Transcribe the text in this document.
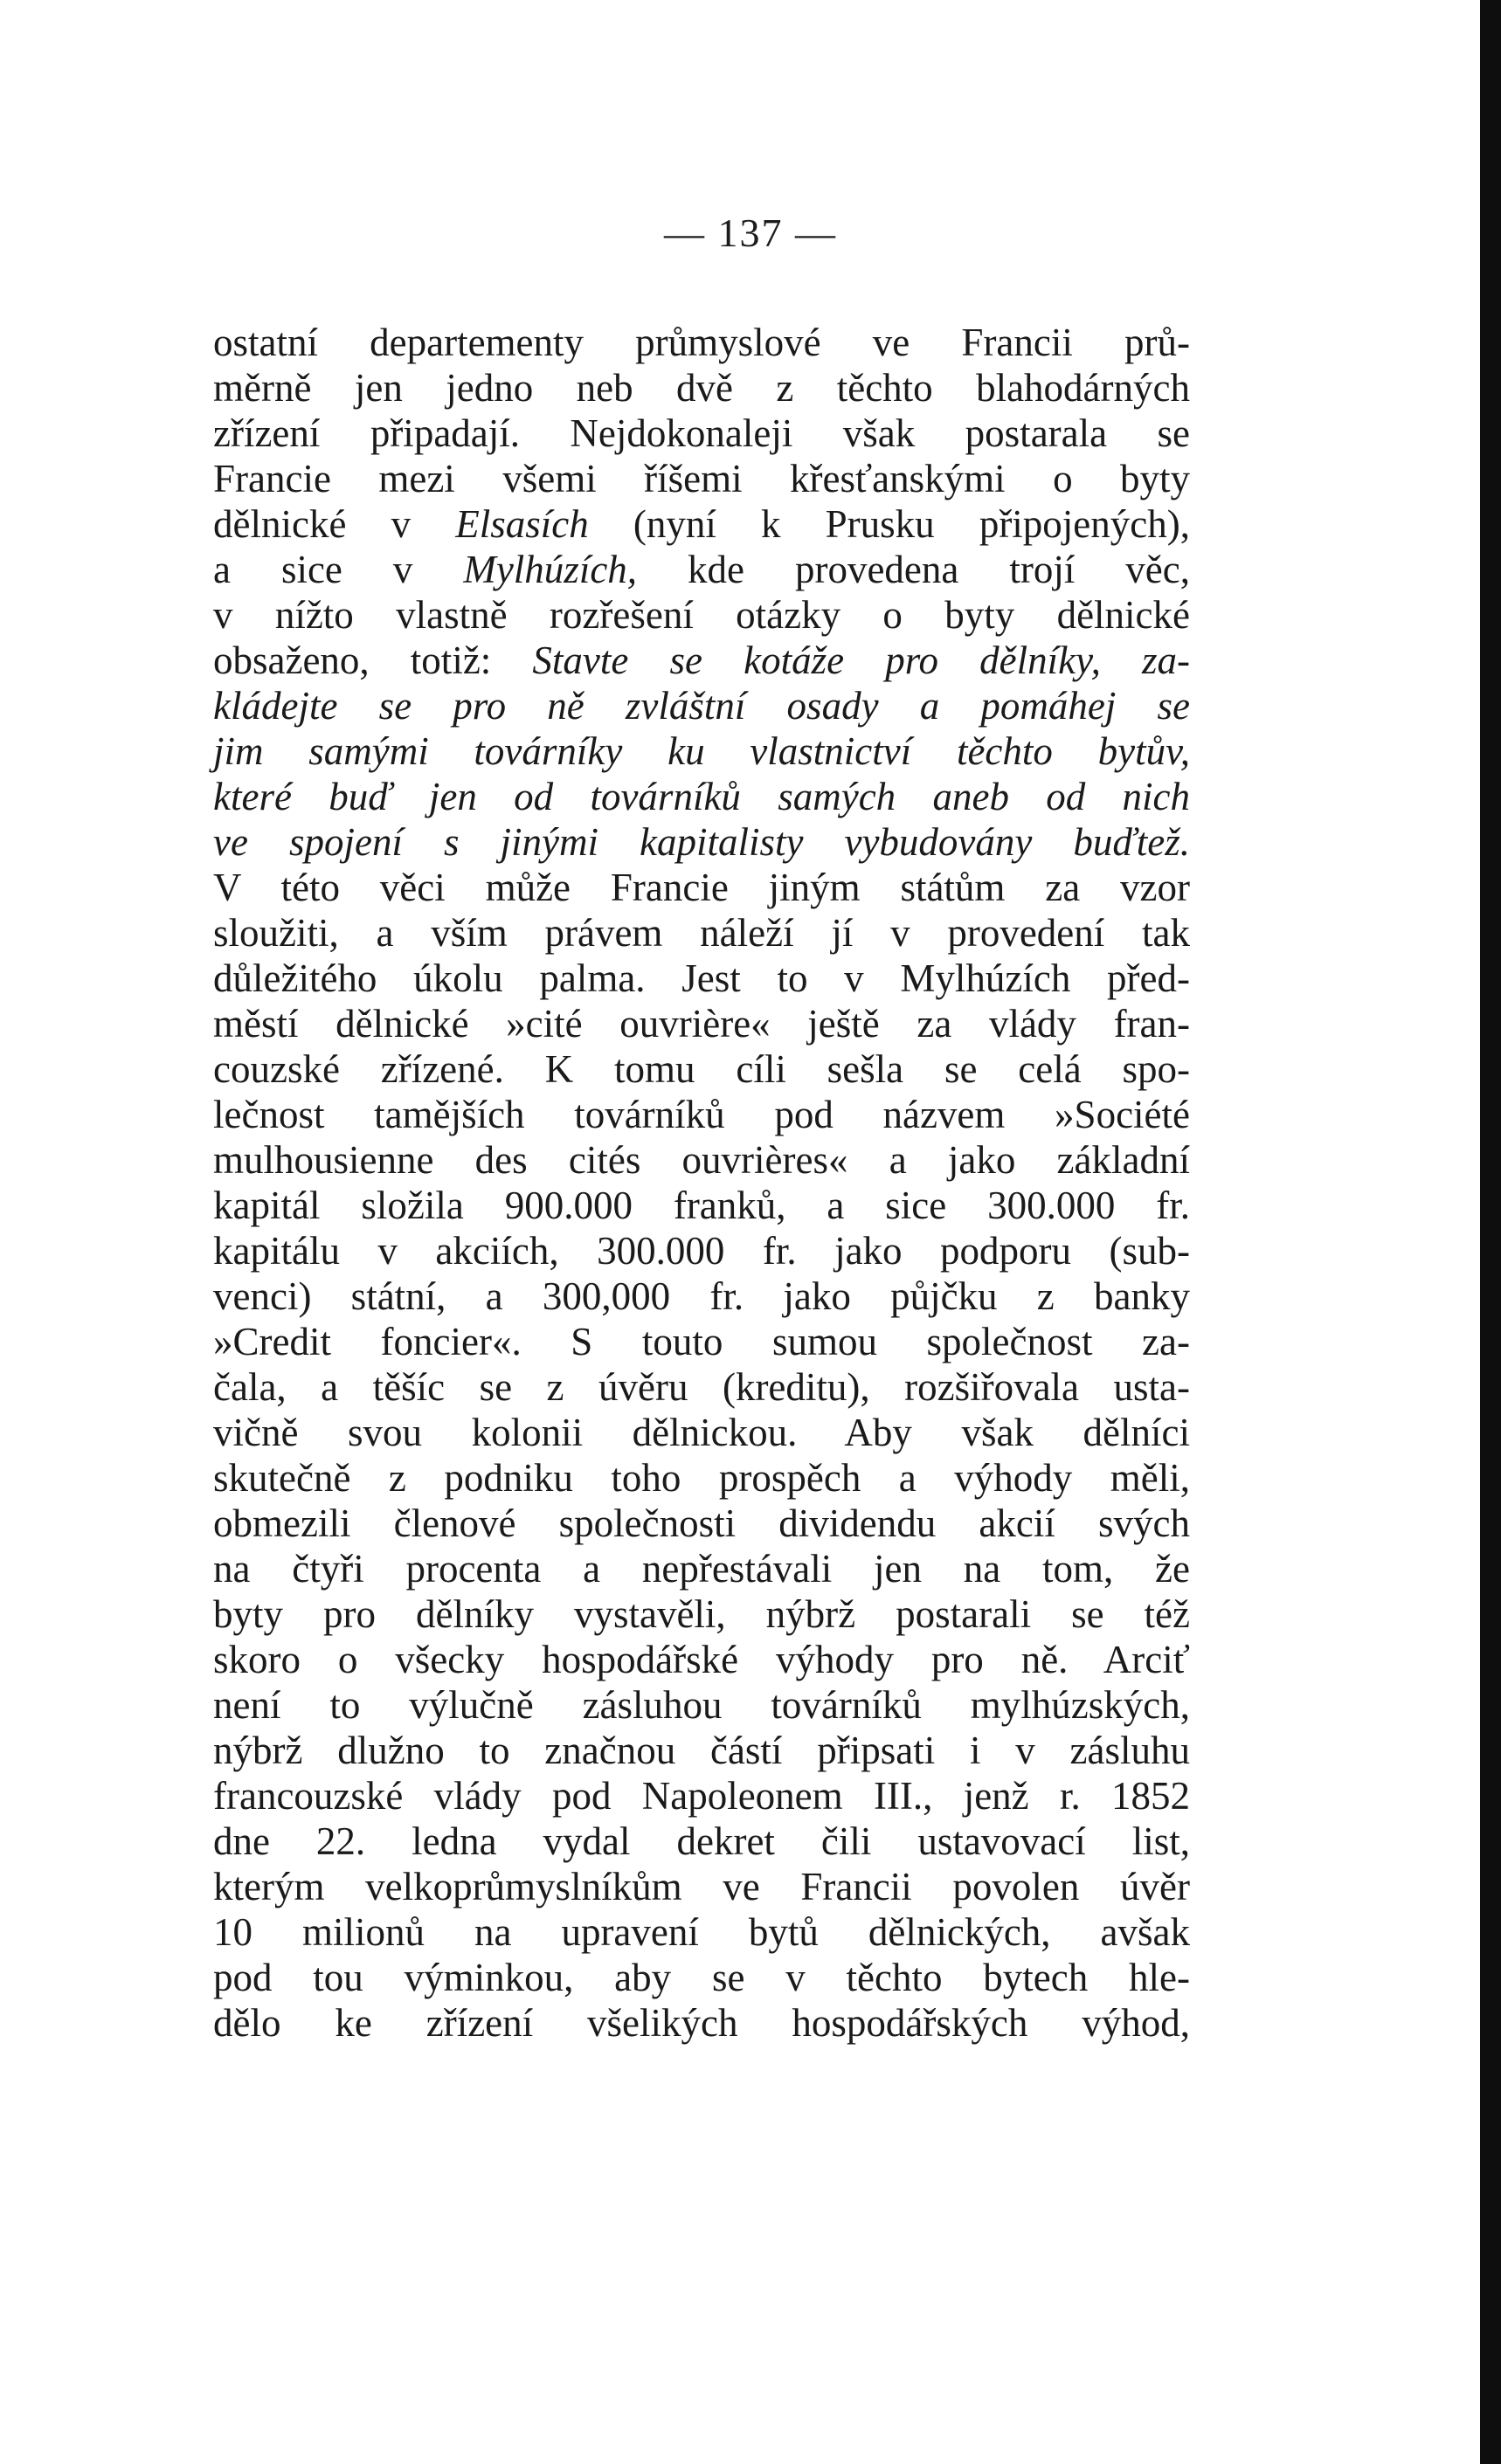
— 137 —
ostatní departementy průmyslové ve Francii prů-
měrně jen jedno neb dvě z těchto blahodárných
zřízení připadají. Nejdokonaleji však postarala se
Francie mezi všemi říšemi křesťanskými o byty
dělnické v Elsasích (nyní k Prusku připojených),
a sice v Mylhúzích, kde provedena trojí věc,
v nížto vlastně rozřešení otázky o byty dělnické
obsaženo, totiž: Stavte se kotáže pro dělníky, za-
kládejte se pro ně zvláštní osady a pomáhej se
jim samými továrníky ku vlastnictví těchto bytův,
které buď jen od továrníků samých aneb od nich
ve spojení s jinými kapitalisty vybudovány buďtež.
V této věci může Francie jiným státům za vzor
sloužiti, a vším právem náleží jí v provedení tak
důležitého úkolu palma. Jest to v Mylhúzích před-
městí dělnické »cité ouvrière« ještě za vlády fran-
couzské zřízené. K tomu cíli sešla se celá spo-
lečnost tamějších továrníků pod názvem »Société
mulhousienne des cités ouvrières« a jako základní
kapitál složila 900.000 franků, a sice 300.000 fr.
kapitálu v akciích, 300.000 fr. jako podporu (sub-
venci) státní, a 300,000 fr. jako půjčku z banky
»Credit foncier«. S touto sumou společnost za-
čala, a těšíc se z úvěru (kreditu), rozšiřovala usta-
vičně svou kolonii dělnickou. Aby však dělníci
skutečně z podniku toho prospěch a výhody měli,
obmezili členové společnosti dividendu akcií svých
na čtyři procenta a nepřestávali jen na tom, že
byty pro dělníky vystavěli, nýbrž postarali se též
skoro o všecky hospodářské výhody pro ně. Arciť
není to výlučně zásluhou továrníků mylhúzských,
nýbrž dlužno to značnou částí připsati i v zásluhu
francouzské vlády pod Napoleonem III., jenž r. 1852
dne 22. ledna vydal dekret čili ustavovací list,
kterým velkoprůmyslníkům ve Francii povolen úvěr
10 milionů na upravení bytů dělnických, avšak
pod tou výminkou, aby se v těchto bytech hle-
dělo ke zřízení všelikých hospodářských výhod,
